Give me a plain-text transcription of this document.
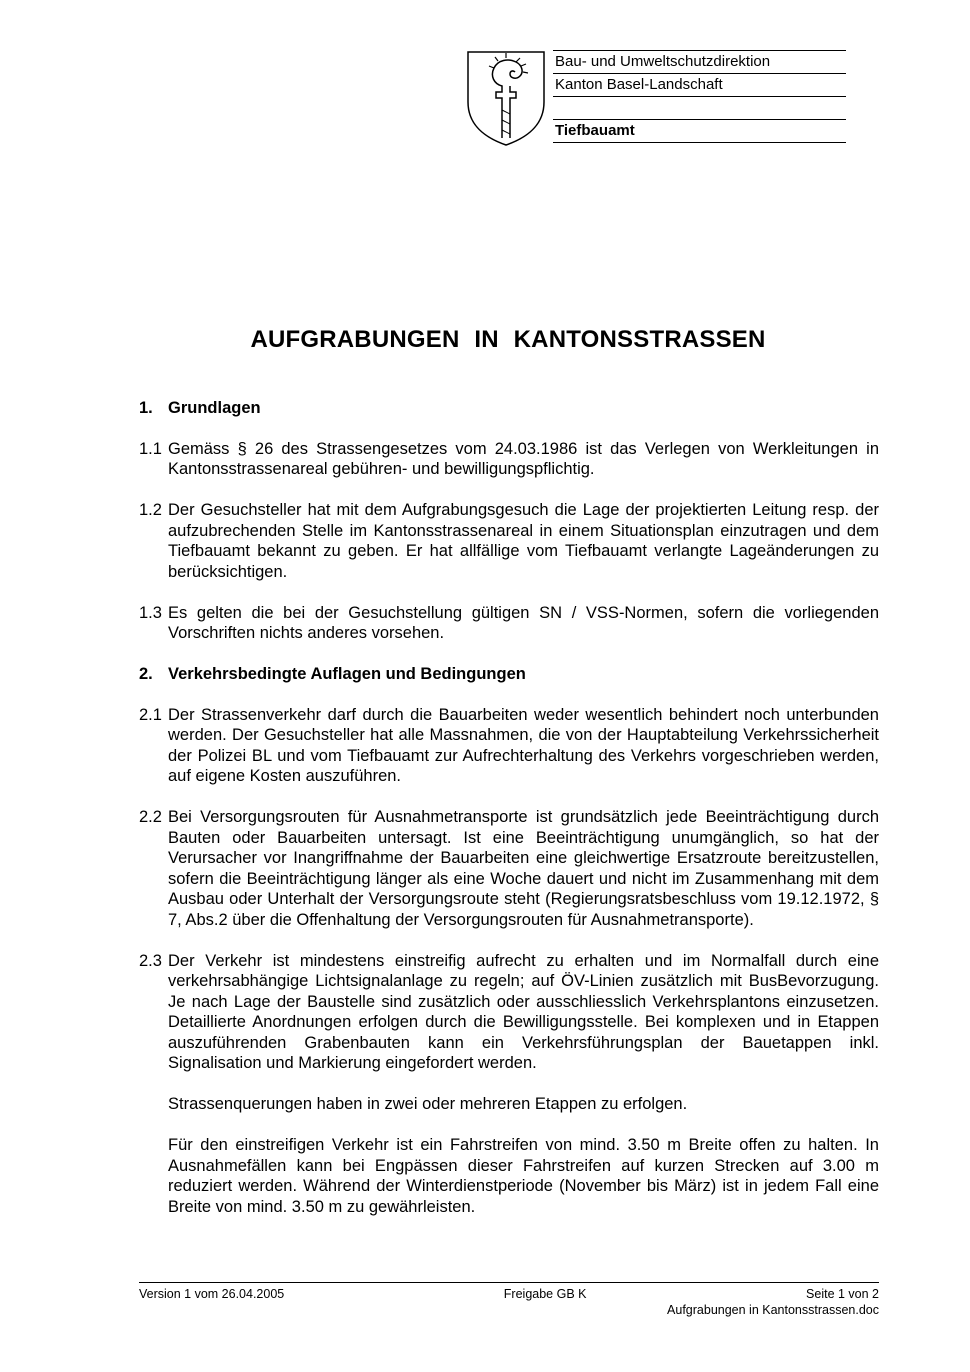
Bau- und Umweltschutzdirektion
Kanton Basel-Landschaft
Tiefbauamt
AUFGRABUNGEN IN KANTONSSTRASSEN
1. Grundlagen
1.1 Gemäss § 26 des Strassengesetzes vom 24.03.1986 ist das Verlegen von Werkleitungen in Kantonsstrassenareal gebühren- und bewilligungspflichtig.
1.2 Der Gesuchsteller hat mit dem Aufgrabungsgesuch die Lage der projektierten Leitung resp. der aufzubrechenden Stelle im Kantonsstrassenareal in einem Situationsplan einzutragen und dem Tiefbauamt bekannt zu geben. Er hat allfällige vom Tiefbauamt verlangte Lageänderungen zu berücksichtigen.
1.3 Es gelten die bei der Gesuchstellung gültigen SN / VSS-Normen, sofern die vorliegenden Vorschriften nichts anderes vorsehen.
2. Verkehrsbedingte Auflagen und Bedingungen
2.1 Der Strassenverkehr darf durch die Bauarbeiten weder wesentlich behindert noch unterbunden werden. Der Gesuchsteller hat alle Massnahmen, die von der Hauptabteilung Verkehrssicherheit der Polizei BL und vom Tiefbauamt zur Aufrechterhaltung des Verkehrs vorgeschrieben werden, auf eigene Kosten auszuführen.
2.2 Bei Versorgungsrouten für Ausnahmetransporte ist grundsätzlich jede Beeinträchtigung durch Bauten oder Bauarbeiten untersagt. Ist eine Beeinträchtigung unumgänglich, so hat der Verursacher vor Inangriffnahme der Bauarbeiten eine gleichwertige Ersatzroute bereitzustellen, sofern die Beeinträchtigung länger als eine Woche dauert und nicht im Zusammenhang mit dem Ausbau oder Unterhalt der Versorgungsroute steht (Regierungsratsbeschluss vom 19.12.1972, § 7, Abs.2 über die Offenhaltung der Versorgungsrouten für Ausnahmetransporte).
2.3 Der Verkehr ist mindestens einstreifig aufrecht zu erhalten und im Normalfall durch eine verkehrsabhängige Lichtsignalanlage zu regeln; auf ÖV-Linien zusätzlich mit BusBevorzugung. Je nach Lage der Baustelle sind zusätzlich oder ausschliesslich Verkehrsplantons einzusetzen. Detaillierte Anordnungen erfolgen durch die Bewilligungsstelle. Bei komplexen und in Etappen auszuführenden Grabenbauten kann ein Verkehrsführungsplan der Bauetappen inkl. Signalisation und Markierung eingefordert werden.
Strassenquerungen haben in zwei oder mehreren Etappen zu erfolgen.
Für den einstreifigen Verkehr ist ein Fahrstreifen von mind. 3.50 m Breite offen zu halten. In Ausnahmefällen kann bei Engpässen dieser Fahrstreifen auf kurzen Strecken auf 3.00 m reduziert werden. Während der Winterdienstperiode (November bis März) ist in jedem Fall eine Breite von mind. 3.50 m zu gewährleisten.
Version 1 vom 26.04.2005	Freigabe GB K	Seite 1 von 2
Aufgrabungen in Kantonsstrassen.doc
